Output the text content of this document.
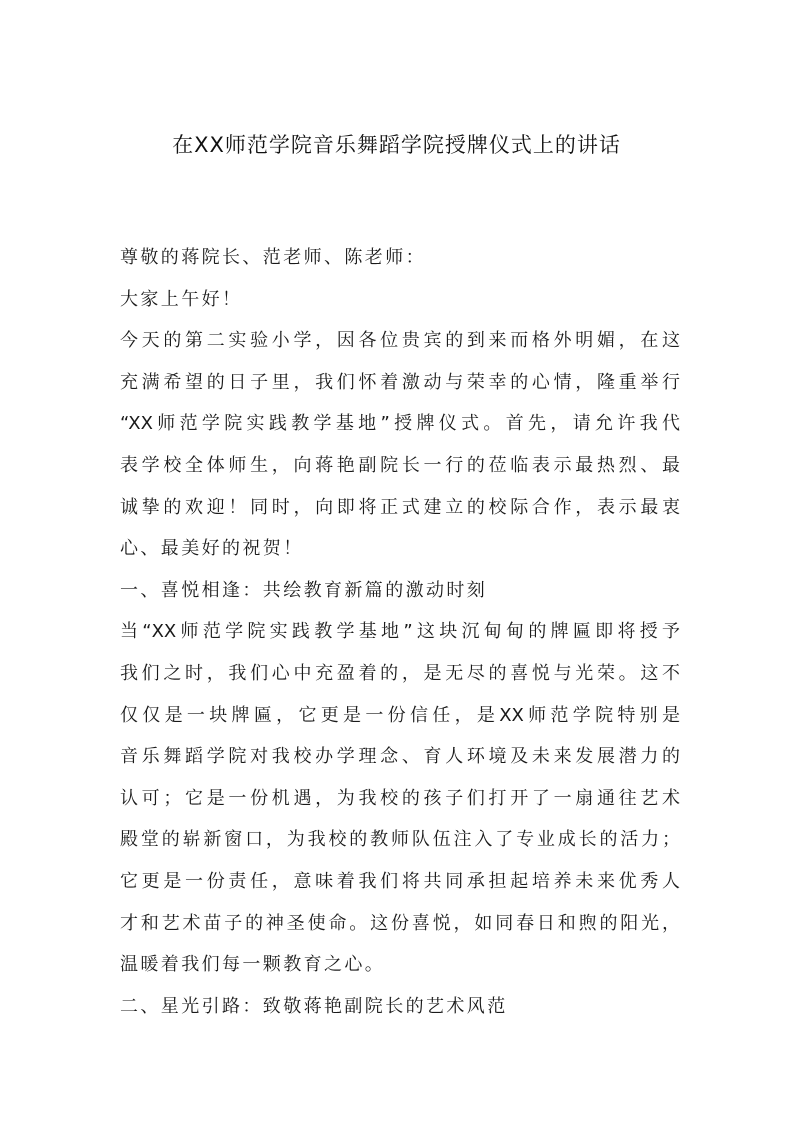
在XX师范学院音乐舞蹈学院授牌仪式上的讲话
尊敬的蒋院长、范老师、陈老师：
大家上午好！
今天的第二实验小学，因各位贵宾的到来而格外明媚，在这
充满希望的日子里，我们怀着激动与荣幸的心情，隆重举行
“XX师范学院实践教学基地”授牌仪式。首先，请允许我代
表学校全体师生，向蒋艳副院长一行的莅临表示最热烈、最
诚挚的欢迎！同时，向即将正式建立的校际合作，表示最衷
心、最美好的祝贺！
一、喜悦相逢：共绘教育新篇的激动时刻
当“XX师范学院实践教学基地”这块沉甸甸的牌匾即将授予
我们之时，我们心中充盈着的，是无尽的喜悦与光荣。这不
仅仅是一块牌匾，它更是一份信任，是XX师范学院特别是
音乐舞蹈学院对我校办学理念、育人环境及未来发展潜力的
认可；它是一份机遇，为我校的孩子们打开了一扇通往艺术
殿堂的崭新窗口，为我校的教师队伍注入了专业成长的活力；
它更是一份责任，意味着我们将共同承担起培养未来优秀人
才和艺术苗子的神圣使命。这份喜悦，如同春日和煦的阳光，
温暖着我们每一颗教育之心。
二、星光引路：致敬蒋艳副院长的艺术风范
